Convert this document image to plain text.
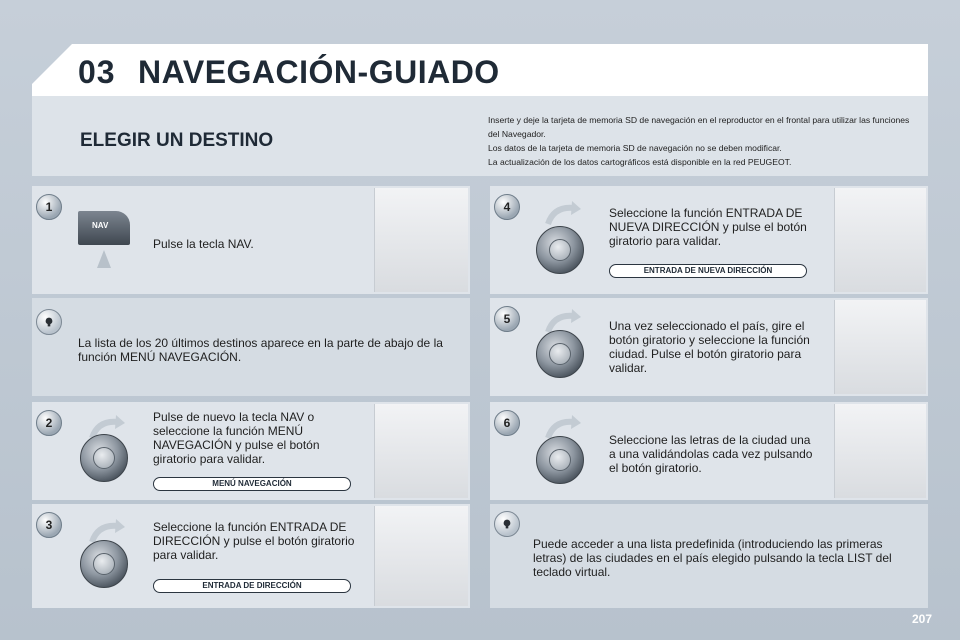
03 NAVEGACIÓN-GUIADO
ELEGIR UN DESTINO
Inserte y deje la tarjeta de memoria SD de navegación en el reproductor en el frontal para utilizar las funciones del Navegador.
Los datos de la tarjeta de memoria SD de navegación no se deben modificar.
La actualización de los datos cartográficos está disponible en la red PEUGEOT.
1
NAV
Pulse la tecla NAV.
La lista de los 20 últimos destinos aparece en la parte de abajo de la función MENÚ NAVEGACIÓN.
2	Pulse de nuevo la tecla NAV o seleccione la función MENÚ NAVEGACIÓN y pulse el botón giratorio para validar.
MENÚ NAVEGACIÓN
3	Seleccione la función ENTRADA DE DIRECCIÓN y pulse el botón giratorio para validar.
ENTRADA DE DIRECCIÓN
4	Seleccione la función ENTRADA DE NUEVA DIRECCIÓN y pulse el botón giratorio para validar.
ENTRADA DE NUEVA DIRECCIÓN
5	Una vez seleccionado el país, gire el botón giratorio y seleccione la función ciudad. Pulse el botón giratorio para validar.
6
Seleccione las letras de la ciudad una a una validándolas cada vez pulsando el botón giratorio.
Puede acceder a una lista predefinida (introduciendo las primeras letras) de las ciudades en el país elegido pulsando la tecla LIST del teclado virtual.
207
